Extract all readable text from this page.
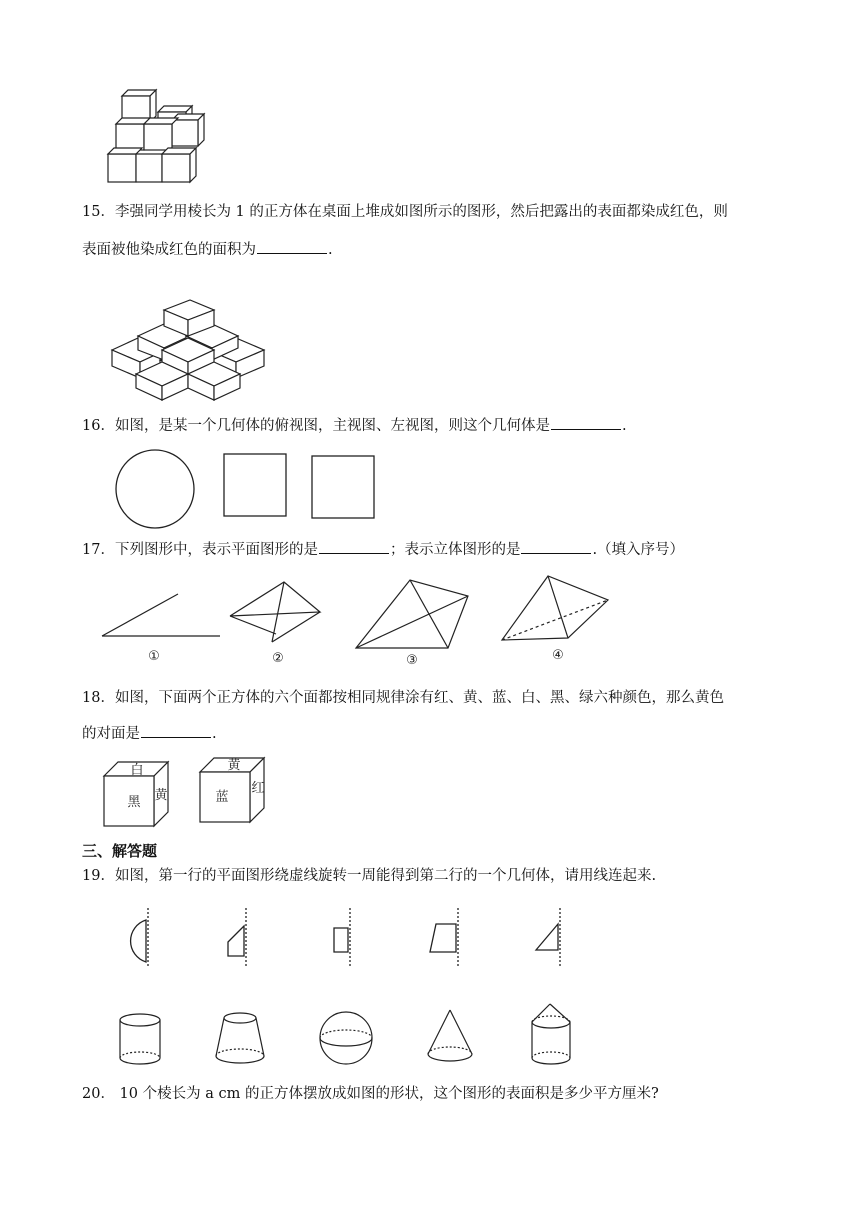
15．李强同学用棱长为 1 的正方体在桌面上堆成如图所示的图形，然后把露出的表面都染成红色，则
表面被他染成红色的面积为	.
16．如图，是某一个几何体的俯视图，主视图、左视图，则这个几何体是	.
17．下列图形中，表示平面图形的是	；表示立体图形的是	.（填入序号）
①	②	③	④
18．如图，下面两个正方体的六个面都按相同规律涂有红、黄、蓝、白、黑、绿六种颜色，那么黄色
的对面是	.
白
黑 黄
黄
蓝
红
三、解答题
19．如图，第一行的平面图形绕虚线旋转一周能得到第二行的一个几何体，请用线连起来.
20． 10 个棱长为 a cm 的正方体摆放成如图的形状，这个图形的表面积是多少平方厘米?
